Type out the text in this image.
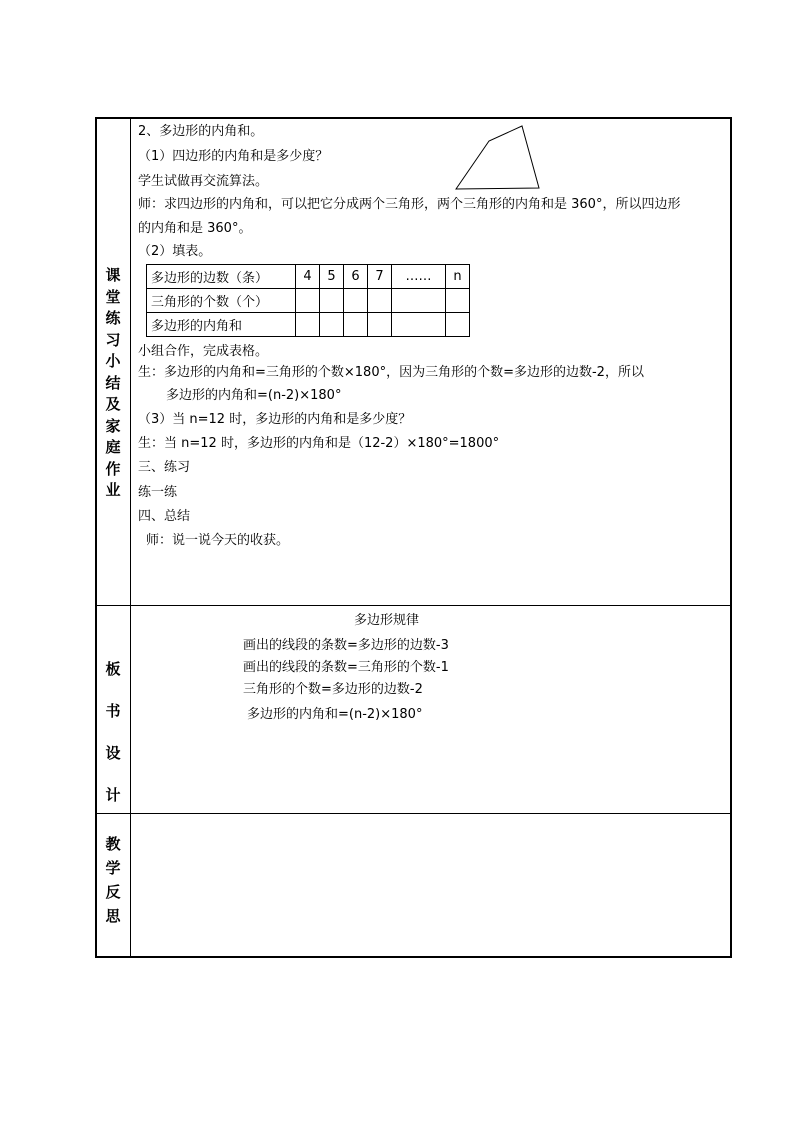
课
堂
练
习
小
结
及
家
庭
作
业
板
书
设
计
教
学
反
思
2、多边形的内角和。
（1）四边形的内角和是多少度？
学生试做再交流算法。
师：求四边形的内角和，可以把它分成两个三角形，两个三角形的内角和是 360°，所以四边形
的内角和是 360°。
（2）填表。
多边形的边数（条）	4	5	6	7	……	n
三角形的个数（个）						
多边形的内角和						
小组合作，完成表格。
生：多边形的内角和=三角形的个数×180°，因为三角形的个数=多边形的边数-2，所以
多边形的内角和=(n-2)×180°
（3）当 n=12 时，多边形的内角和是多少度？
生：当 n=12 时，多边形的内角和是（12-2）×180°=1800°
三、练习
练一练
四、总结
师：说一说今天的收获。
多边形规律
画出的线段的条数=多边形的边数-3
画出的线段的条数=三角形的个数-1
三角形的个数=多边形的边数-2
多边形的内角和=(n-2)×180°
